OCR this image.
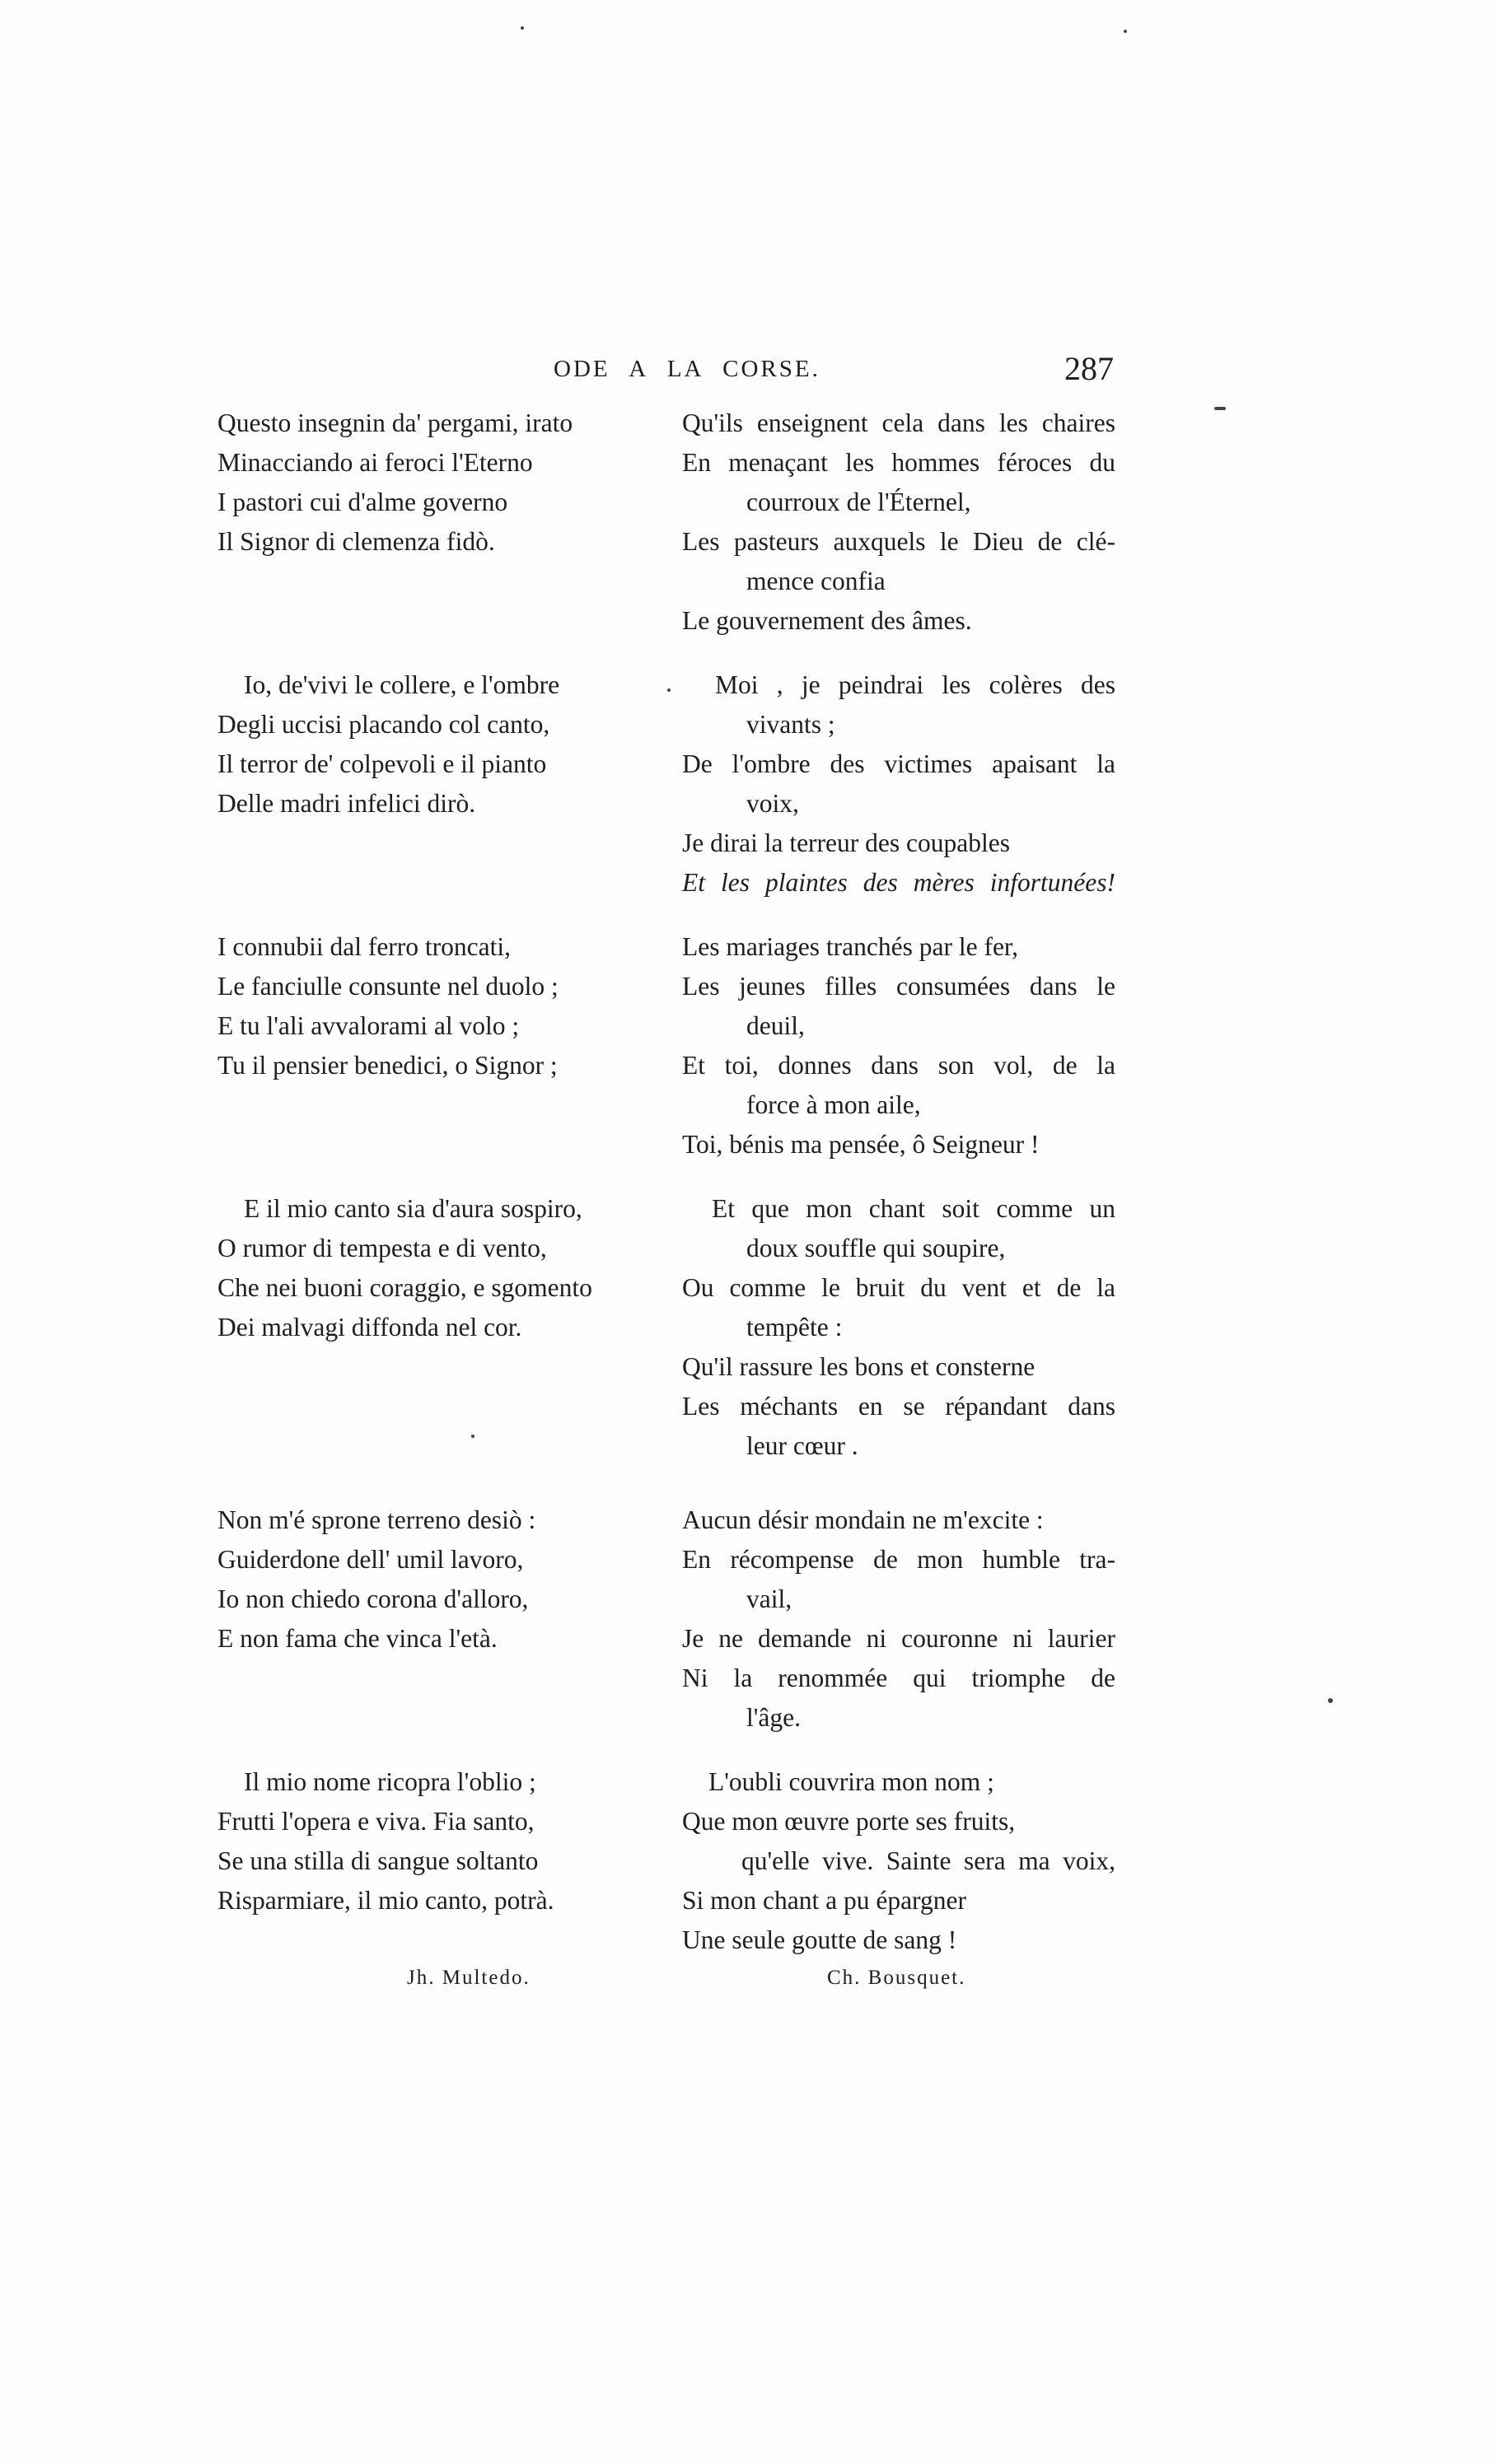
ODE A LA CORSE.	287
Questo insegnin da' pergami, irato
Minacciando ai feroci l'Eterno
I pastori cui d'alme governo
Il Signor di clemenza fidò.
Io, de'vivi le collere, e l'ombre
Degli uccisi placando col canto,
Il terror de' colpevoli e il pianto
Delle madri infelici dirò.
I connubii dal ferro troncati,
Le fanciulle consunte nel duolo ;
E tu l'ali avvalorami al volo ;
Tu il pensier benedici, o Signor ;
E il mio canto sia d'aura sospiro,
O rumor di tempesta e di vento,
Che nei buoni coraggio, e sgomento
Dei malvagi diffonda nel cor.
Non m'é sprone terreno desiò :
Guiderdone dell' umil lavoro,
Io non chiedo corona d'alloro,
E non fama che vinca l'età.
Il mio nome ricopra l'oblio ;
Frutti l'opera e viva. Fia santo,
Se una stilla di sangue soltanto
Risparmiare, il mio canto, potrà.
Qu'ils enseignent cela dans les chaires
En menaçant les hommes féroces du
courroux de l'Éternel,
Les pasteurs auxquels le Dieu de clé-
mence confia
Le gouvernement des âmes.
Moi , je peindrai les colères des
vivants ;
De l'ombre des victimes apaisant la
voix,
Je dirai la terreur des coupables
Et les plaintes des mères infortunées!
Les mariages tranchés par le fer,
Les jeunes filles consumées dans le
deuil,
Et toi, donnes dans son vol, de la
force à mon aile,
Toi, bénis ma pensée, ô Seigneur !
Et que mon chant soit comme un
doux souffle qui soupire,
Ou comme le bruit du vent et de la
tempête :
Qu'il rassure les bons et consterne
Les méchants en se répandant dans
leur cœur .
Aucun désir mondain ne m'excite :
En récompense de mon humble tra-
vail,
Je ne demande ni couronne ni laurier
Ni la renommée qui triomphe de
l'âge.
L'oubli couvrira mon nom ;
Que mon œuvre porte ses fruits,
qu'elle vive. Sainte sera ma voix,
Si mon chant a pu épargner
Une seule goutte de sang !
Jh. Multedo.	Ch. Bousquet.
